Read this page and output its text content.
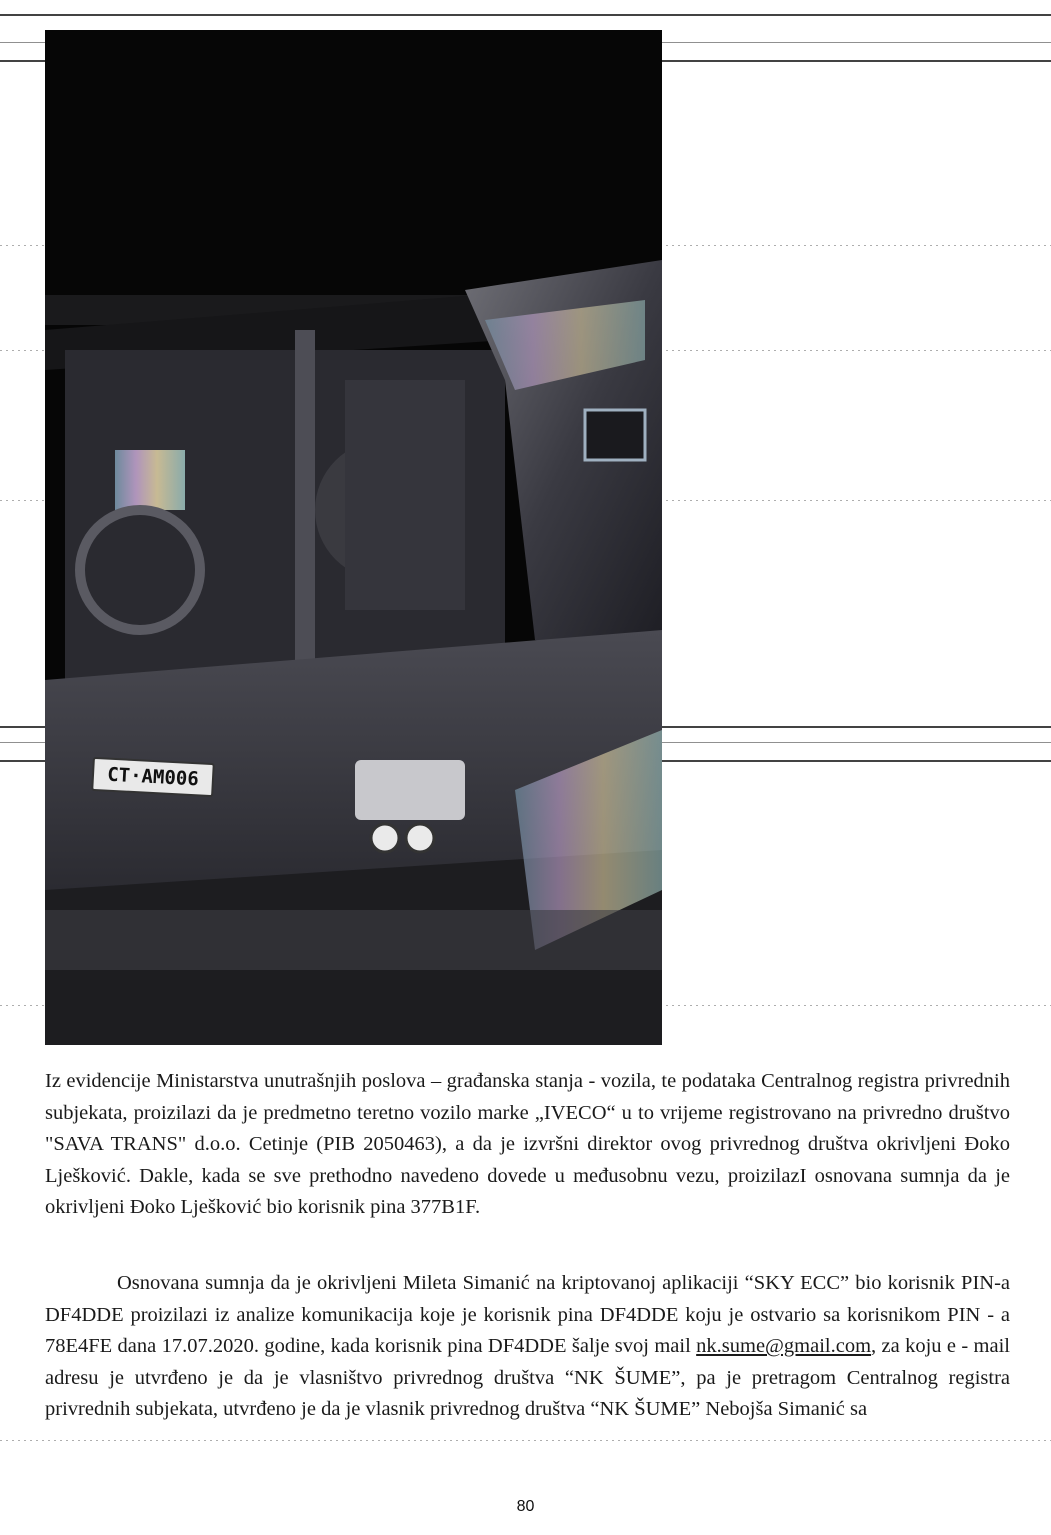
CT·AM006
Iz evidencije Ministarstva unutrašnjih poslova – građanska stanja - vozila, te podataka Centralnog registra privrednih subjekata, proizilazi da je predmetno teretno vozilo marke „IVECO“ u to vrijeme registrovano na privredno društvo "SAVA TRANS" d.o.o. Cetinje (PIB 2050463), a da je izvršni direktor ovog privrednog društva okrivljeni Đoko Lješković. Dakle, kada se sve prethodno navedeno dovede u međusobnu vezu, proizilazI osnovana sumnja da je okrivljeni Đoko Lješković bio korisnik pina 377B1F.
Osnovana sumnja da je okrivljeni Mileta Simanić na kriptovanoj aplikaciji “SKY ECC” bio korisnik PIN-a DF4DDE proizilazi iz analize komunikacija koje je korisnik pina DF4DDE koju je ostvario sa korisnikom PIN - a 78E4FE dana 17.07.2020. godine, kada korisnik pina DF4DDE šalje svoj mail nk.sume@gmail.com, za koju e - mail adresu je utvrđeno je da je vlasništvo privrednog društva “NK ŠUME”, pa je pretragom Centralnog registra privrednih subjekata, utvrđeno je da je vlasnik privrednog društva “NK ŠUME” Nebojša Simanić sa
80
